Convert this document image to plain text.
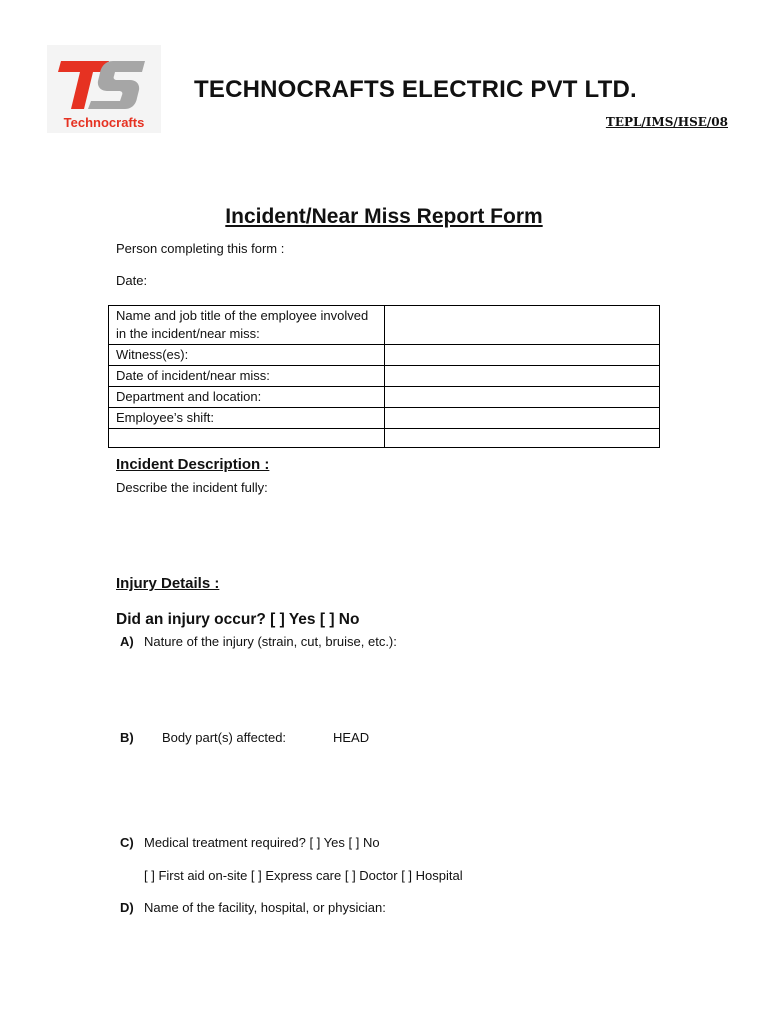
Technocrafts
TECHNOCRAFTS ELECTRIC PVT LTD.
TEPL/IMS/HSE/08
Incident/Near Miss Report Form
Person completing this form :
Date:
Name and job title of the employee involved in the incident/near miss:	
Witness(es):	
Date of incident/near miss:	
Department and location:	
Employee’s shift:	

Incident Description :
Describe the incident fully:
Injury Details :
Did an injury occur? [ ] Yes [ ] No
A) Nature of the injury (strain, cut, bruise, etc.):
B) Body part(s) affected:	HEAD
C) Medical treatment required? [ ] Yes [ ] No
[ ] First aid on-site [ ] Express care [ ] Doctor [ ] Hospital
D) Name of the facility, hospital, or physician:
